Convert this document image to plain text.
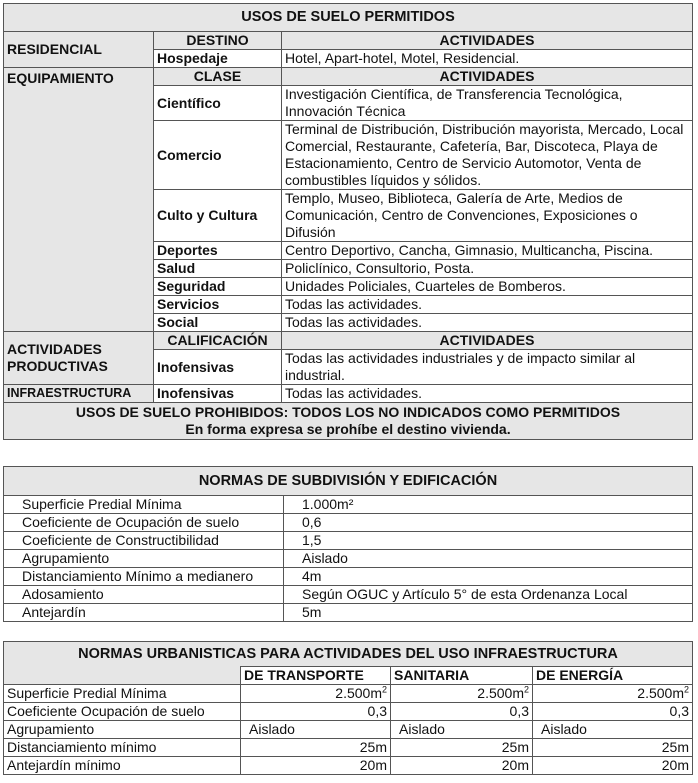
USOS DE SUELO PERMITIDOS		
RESIDENCIAL	DESTINO	ACTIVIDADES
	Hospedaje	Hotel, Apart-hotel, Motel, Residencial.
EQUIPAMIENTO	CLASE	ACTIVIDADES
	Científico	Investigación Científica, de Transferencia Tecnológica, Innovación Técnica
	Comercio	Terminal de Distribución, Distribución mayorista, Mercado, Local Comercial, Restaurante, Cafetería, Bar, Discoteca, Playa de Estacionamiento, Centro de Servicio Automotor, Venta de combustibles líquidos y sólidos.
	Culto y Cultura	Templo, Museo, Biblioteca, Galería de Arte, Medios de Comunicación, Centro de Convenciones, Exposiciones o Difusión
	Deportes	Centro Deportivo, Cancha, Gimnasio, Multicancha, Piscina.
	Salud	Policlínico, Consultorio, Posta.
	Seguridad	Unidades Policiales, Cuarteles de Bomberos.
	Servicios	Todas las actividades.
	Social	Todas las actividades.
ACTIVIDADES PRODUCTIVAS	CALIFICACIÓN	ACTIVIDADES
	Inofensivas	Todas las actividades industriales y de impacto similar al industrial.
INFRAESTRUCTURA	Inofensivas	Todas las actividades.

USOS DE SUELO PROHIBIDOS: TODOS LOS NO INDICADOS COMO PERMITIDOS
En forma expresa se prohíbe el destino vivienda.		
NORMAS DE SUBDIVISIÓN Y EDIFICACIÓN	
Superficie Predial Mínima	1.000m²
Coeficiente de Ocupación de suelo	0,6
Coeficiente de Constructibilidad	1,5
Agrupamiento	Aislado
Distanciamiento Mínimo a medianero	4m
Adosamiento	Según OGUC y Artículo 5° de esta Ordenanza Local
Antejardín	5m
NORMAS URBANISTICAS PARA ACTIVIDADES DEL USO INFRAESTRUCTURA			
	DE TRANSPORTE	SANITARIA	DE ENERGÍA
Superficie Predial Mínima	$2.500m^2$	$2.500m^2$	$2.500m^2$
Coeficiente Ocupación de suelo	0,3	0,3	0,3
Agrupamiento	Aislado	Aislado	Aislado
Distanciamiento mínimo	25m	25m	25m
Antejardín mínimo	20m	20m	20m
